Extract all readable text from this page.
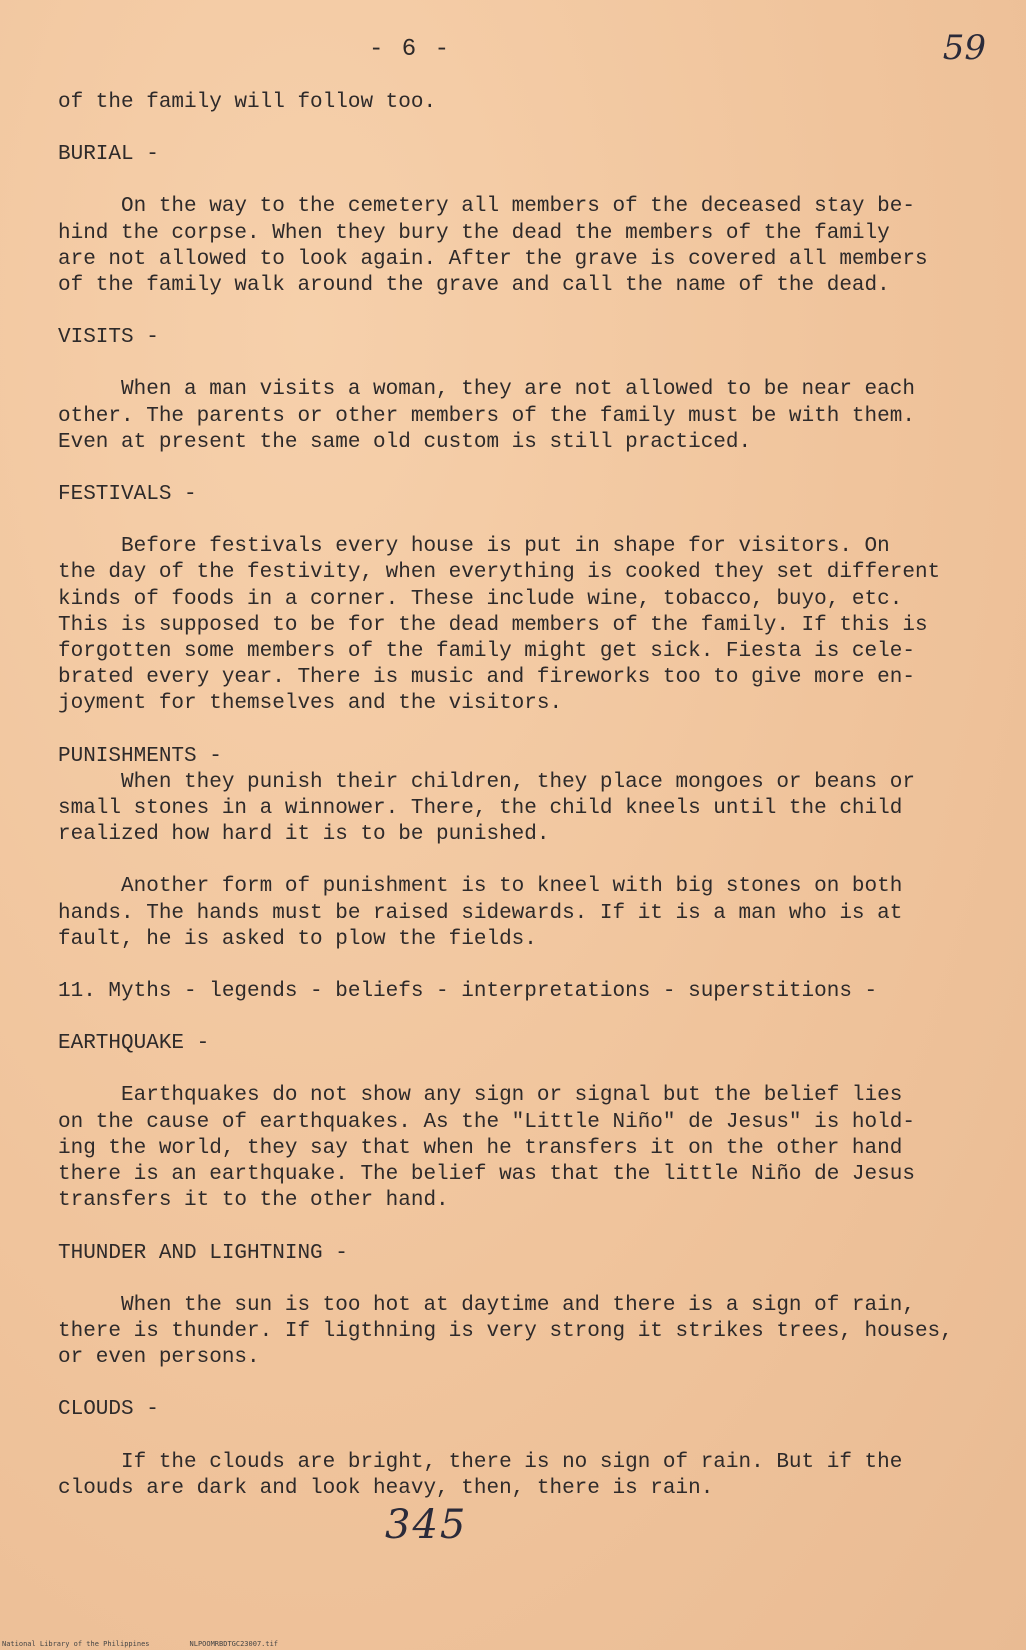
- 6 -	59
of the family will follow too.
BURIAL -
On the way to the cemetery all members of the deceased stay be-
hind the corpse. When they bury the dead the members of the family
are not allowed to look again. After the grave is covered all members
of the family walk around the grave and call the name of the dead.
VISITS -
When a man visits a woman, they are not allowed to be near each
other. The parents or other members of the family must be with them.
Even at present the same old custom is still practiced.
FESTIVALS -
Before festivals every house is put in shape for visitors. On
the day of the festivity, when everything is cooked they set different
kinds of foods in a corner. These include wine, tobacco, buyo, etc.
This is supposed to be for the dead members of the family. If this is
forgotten some members of the family might get sick. Fiesta is cele-
brated every year. There is music and fireworks too to give more en-
joyment for themselves and the visitors.
PUNISHMENTS -
When they punish their children, they place mongoes or beans or
small stones in a winnower. There, the child kneels until the child
realized how hard it is to be punished.
Another form of punishment is to kneel with big stones on both
hands. The hands must be raised sidewards. If it is a man who is at
fault, he is asked to plow the fields.
11. Myths - legends - beliefs - interpretations - superstitions -
EARTHQUAKE -
Earthquakes do not show any sign or signal but the belief lies
on the cause of earthquakes. As the "Little Niño" de Jesus" is hold-
ing the world, they say that when he transfers it on the other hand
there is an earthquake. The belief was that the little Niño de Jesus
transfers it to the other hand.
THUNDER AND LIGHTNING -
When the sun is too hot at daytime and there is a sign of rain,
there is thunder. If ligthning is very strong it strikes trees, houses,
or even persons.
CLOUDS -
If the clouds are bright, there is no sign of rain. But if the
clouds are dark and look heavy, then, there is rain.
345
National Library of the Philippines	NLPOOMRBDTGC23007.tif
